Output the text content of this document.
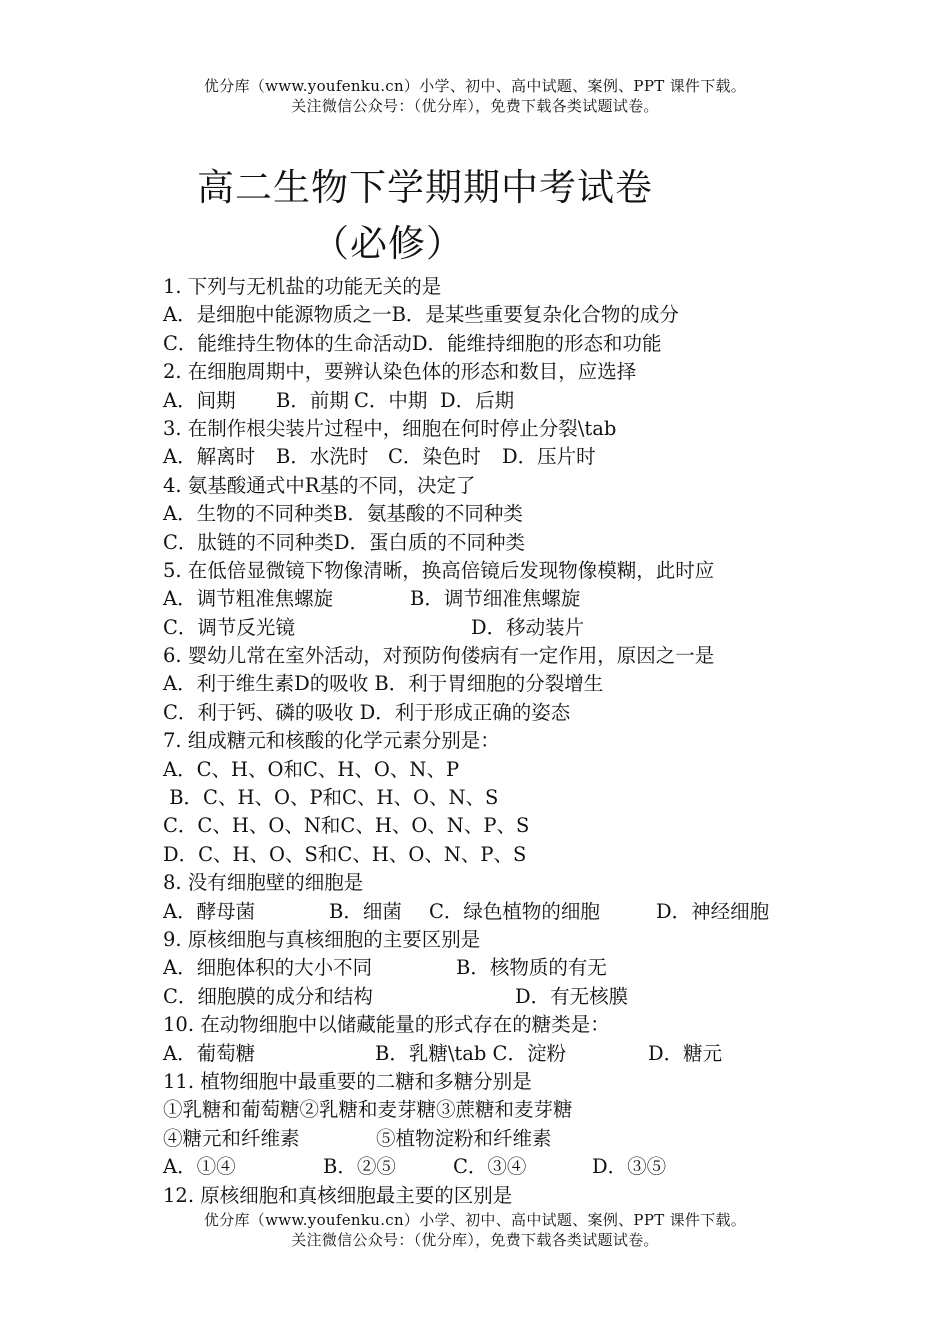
优分库（www.youfenku.cn）小学、初中、高中试题、案例、PPT 课件下载。
关注微信公众号：（优分库），免费下载各类试题试卷。
高二生物下学期期中考试卷
（必修）
1. 下列与无机盐的功能无关的是
A．是细胞中能源物质之一B．是某些重要复杂化合物的成分
C．能维持生物体的生命活动D．能维持细胞的形态和功能
2. 在细胞周期中，要辨认染色体的形态和数目，应选择
A．间期 B．前期 C．中期 D．后期
3. 在制作根尖装片过程中，细胞在何时停止分裂\tab
A．解离时 B．水洗时 C．染色时 D．压片时
4. 氨基酸通式中R基的不同，决定了
A．生物的不同种类B．氨基酸的不同种类
C．肽链的不同种类D．蛋白质的不同种类
5. 在低倍显微镜下物像清晰，换高倍镜后发现物像模糊，此时应
A．调节粗准焦螺旋	B．调节细准焦螺旋
C．调节反光镜	D．移动装片
6. 婴幼儿常在室外活动，对预防佝偻病有一定作用，原因之一是
A．利于维生素D的吸收 B．利于胃细胞的分裂增生
C．利于钙、磷的吸收 D．利于形成正确的姿态
7. 组成糖元和核酸的化学元素分别是：
A．C、H、O和C、H、O、N、P
B．C、H、O、P和C、H、O、N、S
C．C、H、O、N和C、H、O、N、P、S
D．C、H、O、S和C、H、O、N、P、S
8. 没有细胞壁的细胞是
A．酵母菌	B．细菌 C．绿色植物的细胞	D．神经细胞
9. 原核细胞与真核细胞的主要区别是
A．细胞体积的大小不同	B．核物质的有无
C．细胞膜的成分和结构	D．有无核膜
10. 在动物细胞中以储藏能量的形式存在的糖类是：
A．葡萄糖	B．乳糖\tab C．淀粉	D．糖元
11. 植物细胞中最重要的二糖和多糖分别是
①乳糖和葡萄糖②乳糖和麦芽糖③蔗糖和麦芽糖
④糖元和纤维素	⑤植物淀粉和纤维素
A．①④	B．②⑤	C．③④	D．③⑤
12. 原核细胞和真核细胞最主要的区别是
优分库（www.youfenku.cn）小学、初中、高中试题、案例、PPT 课件下载。
关注微信公众号：（优分库），免费下载各类试题试卷。
